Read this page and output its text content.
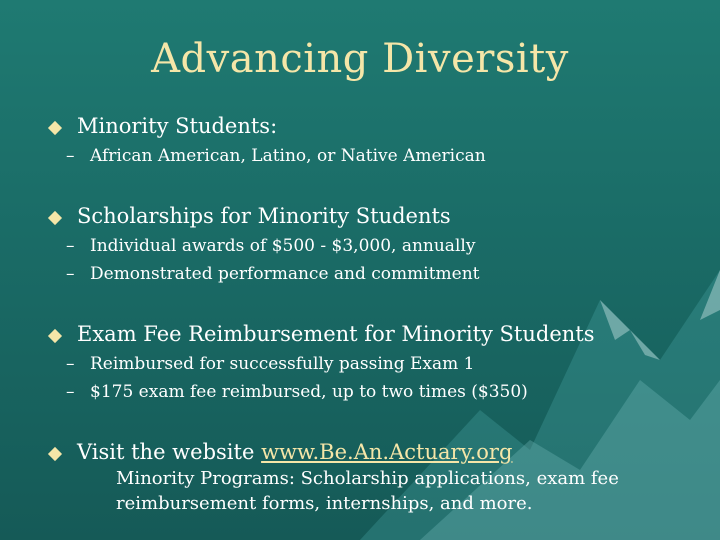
Advancing Diversity
Minority Students:
– African American, Latino, or Native American
Scholarships for Minority Students
– Individual awards of $500 - $3,000, annually
– Demonstrated performance and commitment
Exam Fee Reimbursement for Minority Students
– Reimbursed for successfully passing Exam 1
– $175 exam fee reimbursed, up to two times ($350)
Visit the website www.Be.An.Actuary.org
Minority Programs: Scholarship applications, exam fee reimbursement forms, internships, and more.
